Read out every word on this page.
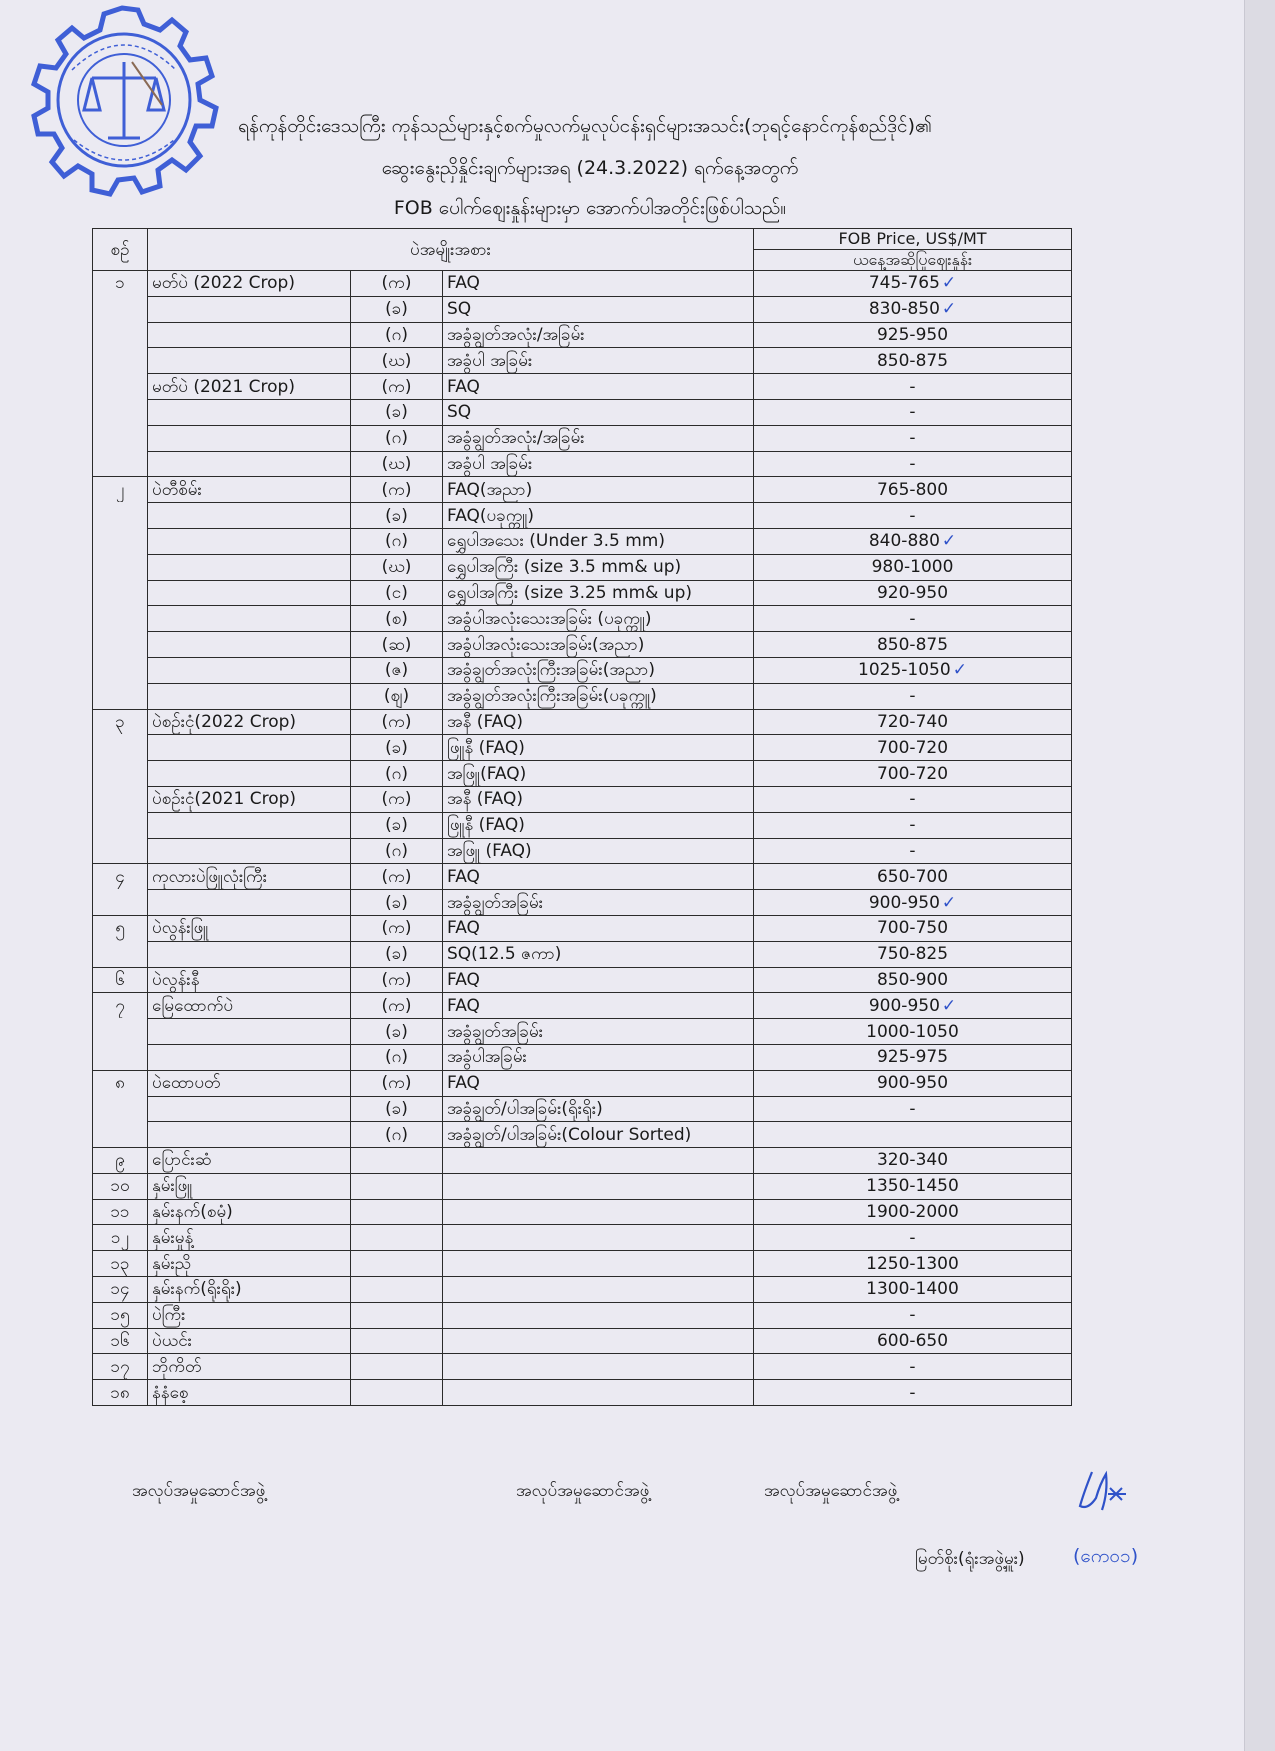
ရန်ကုန်တိုင်းဒေသကြီး ကုန်သည်များနှင့်စက်မှုလက်မှုလုပ်ငန်းရှင်များအသင်း(ဘုရင့်နောင်ကုန်စည်ဒိုင်)၏
ဆွေးနွေးညှိနှိုင်းချက်များအရ (24.3.2022) ရက်နေ့အတွက်
FOB ပေါက်ဈေးနှုန်းများမှာ အောက်ပါအတိုင်းဖြစ်ပါသည်။
စဉ်	ပဲအမျိုးအစား			FOB Price, US$/MT
				ယနေ့အဆိုပြုဈေးနှုန်း
၁	မတ်ပဲ (2022 Crop)	(က)	FAQ	745-765 ✓
		(ခ)	SQ	830-850 ✓
		(ဂ)	အခွံချွတ်အလုံး/အခြမ်း	925-950
		(ဃ)	အခွံပါ အခြမ်း	850-875
	မတ်ပဲ (2021 Crop)	(က)	FAQ	-
		(ခ)	SQ	-
		(ဂ)	အခွံချွတ်အလုံး/အခြမ်း	-
		(ဃ)	အခွံပါ အခြမ်း	-
၂	ပဲတီစိမ်း	(က)	FAQ(အညာ)	765-800
		(ခ)	FAQ(ပခုက္ကူ)	-
		(ဂ)	ရွှေပါအသေး (Under 3.5 mm)	840-880 ✓
		(ဃ)	ရွှေပါအကြီး (size 3.5 mm& up)	980-1000
		(င)	ရွှေပါအကြီး (size 3.25 mm& up)	920-950
		(စ)	အခွံပါအလုံးသေးအခြမ်း (ပခုက္ကူ)	-
		(ဆ)	အခွံပါအလုံးသေးအခြမ်း(အညာ)	850-875
		(ဇ)	အခွံချွတ်အလုံးကြီးအခြမ်း(အညာ)	1025-1050 ✓
		(ဈ)	အခွံချွတ်အလုံးကြီးအခြမ်း(ပခုက္ကူ)	-
၃	ပဲစဉ်းငုံ(2022 Crop)	(က)	အနီ (FAQ)	720-740
		(ခ)	ဖြူနီ (FAQ)	700-720
		(ဂ)	အဖြူ(FAQ)	700-720
	ပဲစဉ်းငုံ(2021 Crop)	(က)	အနီ (FAQ)	-
		(ခ)	ဖြူနီ (FAQ)	-
		(ဂ)	အဖြူ (FAQ)	-
၄	ကုလားပဲဖြူလုံးကြီး	(က)	FAQ	650-700
		(ခ)	အခွံချွတ်အခြမ်း	900-950 ✓
၅	ပဲလွန်းဖြူ	(က)	FAQ	700-750
		(ခ)	SQ(12.5 ဇကာ)	750-825
၆	ပဲလွန်းနီ	(က)	FAQ	850-900
၇	မြေထောက်ပဲ	(က)	FAQ	900-950 ✓
		(ခ)	အခွံချွတ်အခြမ်း	1000-1050
		(ဂ)	အခွံပါအခြမ်း	925-975
၈	ပဲထောပတ်	(က)	FAQ	900-950
		(ခ)	အခွံချွတ်/ပါအခြမ်း(ရိုးရိုး)	-
		(ဂ)	အခွံချွတ်/ပါအခြမ်း(Colour Sorted)	
၉	ပြောင်းဆံ			320-340
၁၀	နှမ်းဖြူ			1350-1450
၁၁	နှမ်းနက်(စမုံ)			1900-2000
၁၂	နှမ်းမှုန့်			-
၁၃	နှမ်းညို			1250-1300
၁၄	နှမ်းနက်(ရိုးရိုး)			1300-1400
၁၅	ပဲကြီး			-
၁၆	ပဲယင်း			600-650
၁၇	ဘိုကိတ်			-
၁၈	နံနံစေ့			-
အလုပ်အမှုဆောင်အဖွဲ့	အလုပ်အမှုဆောင်အဖွဲ့	အလုပ်အမှုဆောင်အဖွဲ့
မြတ်စိုး(ရုံးအဖွဲ့မှူး)	(ကေ၀၁)
